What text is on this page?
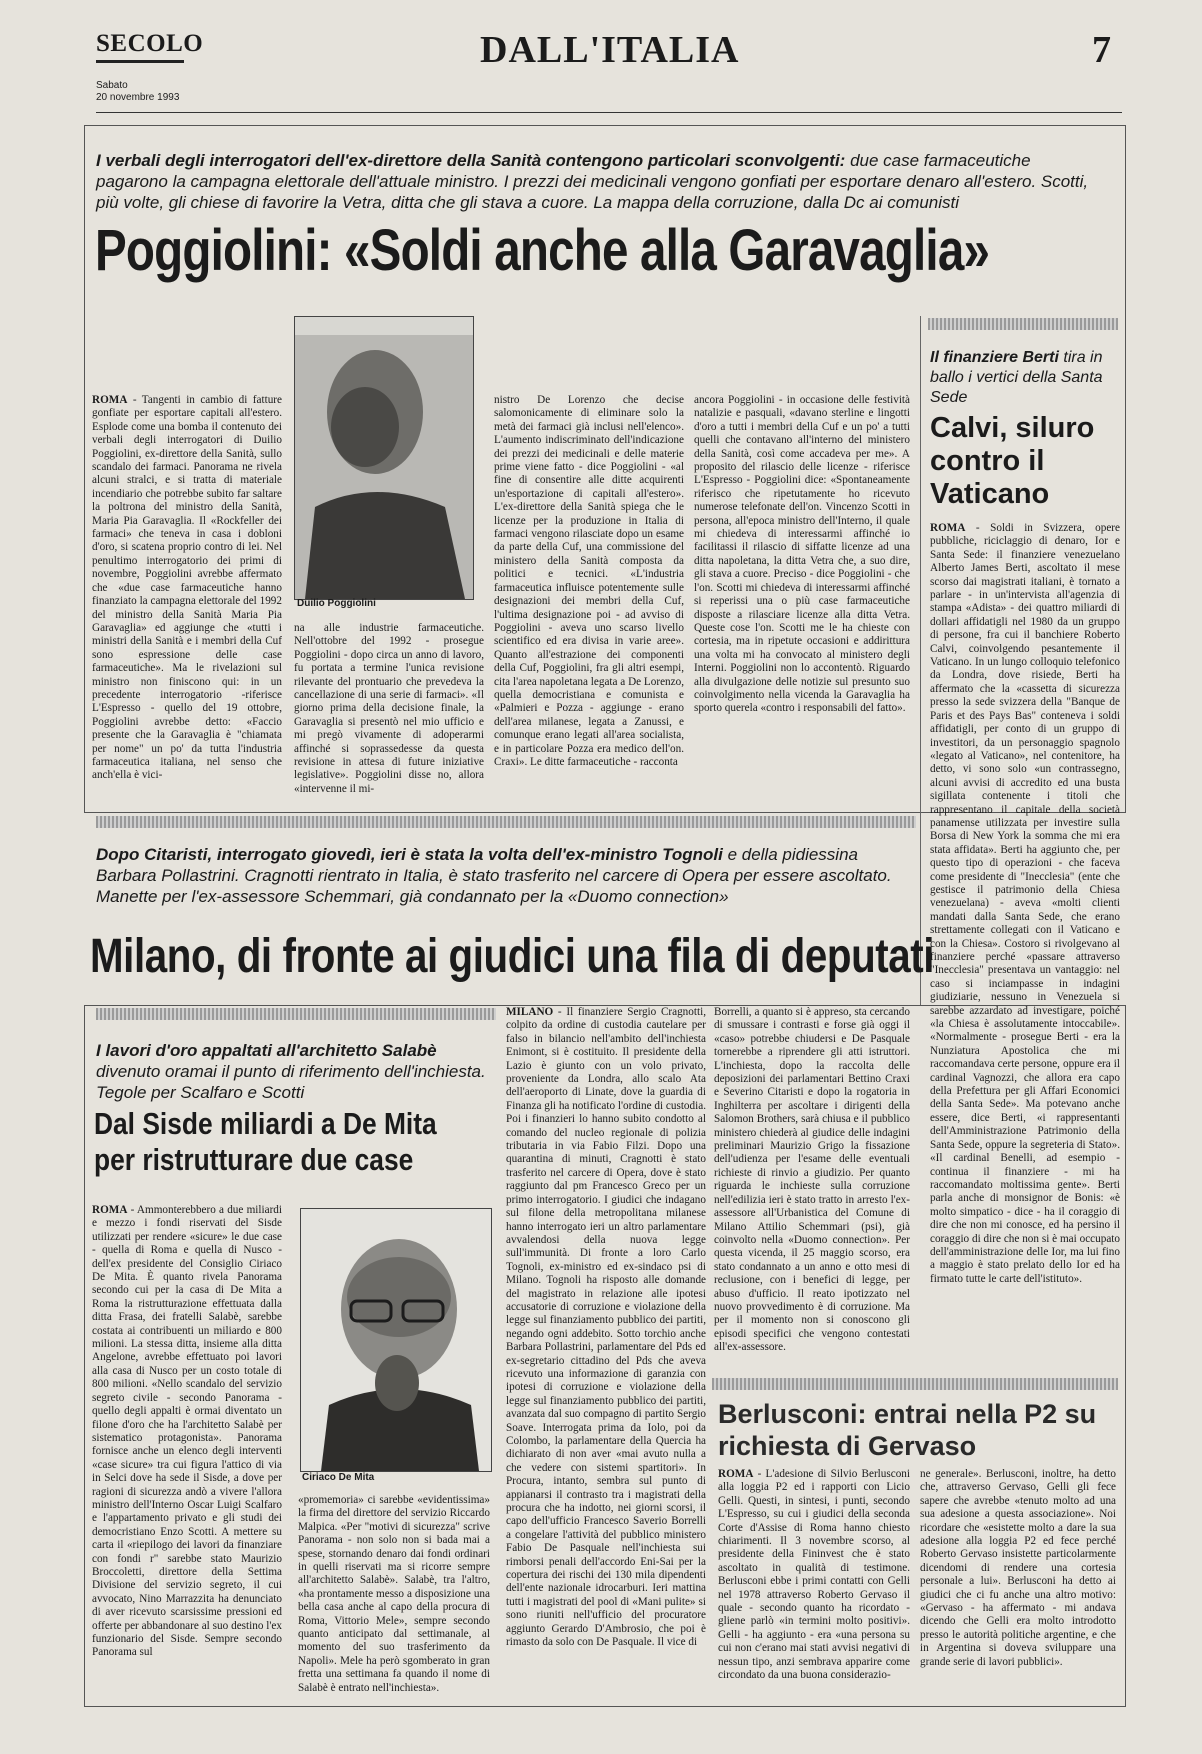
SECOLO
Sabato
20 novembre 1993
DALL'ITALIA	7
I verbali degli interrogatori dell'ex-direttore della Sanità contengono particolari sconvolgenti: due case farmaceutiche pagarono la campagna elettorale dell'attuale ministro. I prezzi dei medicinali vengono gonfiati per esportare denaro all'estero. Scotti, più volte, gli chiese di favorire la Vetra, ditta che gli stava a cuore. La mappa della corruzione, dalla Dc ai comunisti
Poggiolini: «Soldi anche alla Garavaglia»
Duilio Poggiolini
ROMA - Tangenti in cambio di fatture gonfiate per esportare capitali all'estero. Esplode come una bomba il contenuto dei verbali degli interrogatori di Duilio Poggiolini, ex-direttore della Sanità, sullo scandalo dei farmaci. Panorama ne rivela alcuni stralci, e si tratta di materiale incendiario che potrebbe subito far saltare la poltrona del ministro della Sanità, Maria Pia Garavaglia. Il «Rockfeller dei farmaci» che teneva in casa i dobloni d'oro, si scatena proprio contro di lei. Nel penultimo interrogatorio dei primi di novembre, Poggiolini avrebbe affermato che «due case farmaceutiche hanno finanziato la campagna elettorale del 1992 del ministro della Sanità Maria Pia Garavaglia» ed aggiunge che «tutti i ministri della Sanità e i membri della Cuf sono espressione delle case farmaceutiche». Ma le rivelazioni sul ministro non finiscono qui: in un precedente interrogatorio -riferisce L'Espresso - quello del 19 ottobre, Poggiolini avrebbe detto: «Faccio presente che la Garavaglia è "chiamata per nome" un po' da tutta l'industria farmaceutica italiana, nel senso che anch'ella è vici-
na alle industrie farmaceutiche. Nell'ottobre del 1992 - prosegue Poggiolini - dopo circa un anno di lavoro, fu portata a termine l'unica revisione rilevante del prontuario che prevedeva la cancellazione di una serie di farmaci». «Il giorno prima della decisione finale, la Garavaglia si presentò nel mio ufficio e mi pregò vivamente di adoperarmi affinché si soprassedesse da questa revisione in attesa di future iniziative legislative». Poggiolini disse no, allora «intervenne il mi-
nistro De Lorenzo che decise salomonicamente di eliminare solo la metà dei farmaci già inclusi nell'elenco». L'aumento indiscriminato dell'indicazione dei prezzi dei medicinali e delle materie prime viene fatto - dice Poggiolini - «al fine di consentire alle ditte acquirenti un'esportazione di capitali all'estero». L'ex-direttore della Sanità spiega che le licenze per la produzione in Italia di farmaci vengono rilasciate dopo un esame da parte della Cuf, una commissione del ministero della Sanità composta da politici e tecnici. «L'industria farmaceutica influisce potentemente sulle designazioni dei membri della Cuf, l'ultima designazione poi - ad avviso di Poggiolini - aveva uno scarso livello scientifico ed era divisa in varie aree». Quanto all'estrazione dei componenti della Cuf, Poggiolini, fra gli altri esempi, cita l'area napoletana legata a De Lorenzo, quella democristiana e comunista e «Palmieri e Pozza - aggiunge - erano dell'area milanese, legata a Zanussi, e comunque erano legati all'area socialista, e in particolare Pozza era medico dell'on. Craxi». Le ditte farmaceutiche - racconta
ancora Poggiolini - in occasione delle festività natalizie e pasquali, «davano sterline e lingotti d'oro a tutti i membri della Cuf e un po' a tutti quelli che contavano all'interno del ministero della Sanità, così come accadeva per me». A proposito del rilascio delle licenze - riferisce L'Espresso - Poggiolini dice: «Spontaneamente riferisco che ripetutamente ho ricevuto numerose telefonate dell'on. Vincenzo Scotti in persona, all'epoca ministro dell'Interno, il quale mi chiedeva di interessarmi affinché io facilitassi il rilascio di siffatte licenze ad una ditta napoletana, la ditta Vetra che, a suo dire, gli stava a cuore. Preciso - dice Poggiolini - che l'on. Scotti mi chiedeva di interessarmi affinché si reperissi una o più case farmaceutiche disposte a rilasciare licenze alla ditta Vetra. Queste cose l'on. Scotti me le ha chieste con cortesia, ma in ripetute occasioni e addirittura una volta mi ha convocato al ministero degli Interni. Poggiolini non lo accontentò. Riguardo alla divulgazione delle notizie sul presunto suo coinvolgimento nella vicenda la Garavaglia ha sporto querela «contro i responsabili del fatto».
Il finanziere Berti tira in ballo i vertici della Santa Sede
Calvi, siluro contro il Vaticano
ROMA - Soldi in Svizzera, opere pubbliche, riciclaggio di denaro, Ior e Santa Sede: il finanziere venezuelano Alberto James Berti, ascoltato il mese scorso dai magistrati italiani, è tornato a parlare - in un'intervista all'agenzia di stampa «Adista» - dei quattro miliardi di dollari affidatigli nel 1980 da un gruppo di persone, fra cui il banchiere Roberto Calvi, coinvolgendo pesantemente il Vaticano. In un lungo colloquio telefonico da Londra, dove risiede, Berti ha affermato che la «cassetta di sicurezza presso la sede svizzera della "Banque de Paris et des Pays Bas" conteneva i soldi affidatigli, per conto di un gruppo di investitori, da un personaggio spagnolo «legato al Vaticano», nel contenitore, ha detto, vi sono solo «un contrassegno, alcuni avvisi di accredito ed una busta sigillata contenente i titoli che rappresentano il capitale della società panamense utilizzata per investire sulla Borsa di New York la somma che mi era stata affidata». Berti ha aggiunto che, per questo tipo di operazioni - che faceva come presidente di "Inecclesia" (ente che gestisce il patrimonio della Chiesa venezuelana) - aveva «molti clienti mandati dalla Santa Sede, che erano strettamente collegati con il Vaticano e con la Chiesa». Costoro si rivolgevano al finanziere perché «passare attraverso "Inecclesia" presentava un vantaggio: nel caso si inciampasse in indagini giudiziarie, nessuno in Venezuela si sarebbe azzardato ad investigare, poiché «la Chiesa è assolutamente intoccabile». «Normalmente - prosegue Berti - era la Nunziatura Apostolica che mi raccomandava certe persone, oppure era il cardinal Vagnozzi, che allora era capo della Prefettura per gli Affari Economici della Santa Sede». Ma potevano anche essere, dice Berti, «i rappresentanti dell'Amministrazione Patrimonio della Santa Sede, oppure la segreteria di Stato». «Il cardinal Benelli, ad esempio - continua il finanziere - mi ha raccomandato moltissima gente». Berti parla anche di monsignor de Bonis: «è molto simpatico - dice - ha il coraggio di dire che non mi conosce, ed ha persino il coraggio di dire che non si è mai occupato dell'amministrazione delle Ior, ma lui fino a maggio è stato prelato dello Ior ed ha firmato tutte le carte dell'istituto».
Dopo Citaristi, interrogato giovedì, ieri è stata la volta dell'ex-ministro Tognoli e della pidiessina Barbara Pollastrini. Cragnotti rientrato in Italia, è stato trasferito nel carcere di Opera per essere ascoltato. Manette per l'ex-assessore Schemmari, già condannato per la «Duomo connection»
Milano, di fronte ai giudici una fila di deputati
I lavori d'oro appaltati all'architetto Salabè divenuto oramai il punto di riferimento dell'inchiesta. Tegole per Scalfaro e Scotti
Dal Sisde miliardi a De Mita
per ristrutturare due case
ROMA - Ammonterebbero a due miliardi e mezzo i fondi riservati del Sisde utilizzati per rendere «sicure» le due case - quella di Roma e quella di Nusco - dell'ex presidente del Consiglio Ciriaco De Mita. È quanto rivela Panorama secondo cui per la casa di De Mita a Roma la ristrutturazione effettuata dalla ditta Frasa, dei fratelli Salabè, sarebbe costata ai contribuenti un miliardo e 800 milioni. La stessa ditta, insieme alla ditta Angelone, avrebbe effettuato poi lavori alla casa di Nusco per un costo totale di 800 milioni. «Nello scandalo del servizio segreto civile - secondo Panorama - quello degli appalti è ormai diventato un filone d'oro che ha l'architetto Salabè per sistematico protagonista». Panorama fornisce anche un elenco degli interventi «case sicure» tra cui figura l'attico di via in Selci dove ha sede il Sisde, a dove per ragioni di sicurezza andò a vivere l'allora ministro dell'Interno Oscar Luigi Scalfaro e l'appartamento privato e gli studi dei democristiano Enzo Scotti. A mettere su carta il «riepilogo dei lavori da finanziare con fondi r" sarebbe stato Maurizio Broccoletti, direttore della Settima Divisione del servizio segreto, il cui avvocato, Nino Marrazzita ha denunciato di aver ricevuto scarsissime pressioni ed offerte per abbandonare al suo destino l'ex funzionario del Sisde. Sempre secondo Panorama sul
Ciriaco De Mita
«promemoria» ci sarebbe «evidentissima» la firma del direttore del servizio Riccardo Malpica. «Per "motivi di sicurezza" scrive Panorama - non solo non si bada mai a spese, stornando denaro dai fondi ordinari in quelli riservati ma si ricorre sempre all'architetto Salabè». Salabè, tra l'altro, «ha prontamente messo a disposizione una bella casa anche al capo della procura di Roma, Vittorio Mele», sempre secondo quanto anticipato dal settimanale, al momento del suo trasferimento da Napoli». Mele ha però sgomberato in gran fretta una settimana fa quando il nome di Salabè è entrato nell'inchiesta».
MILANO - Il finanziere Sergio Cragnotti, colpito da ordine di custodia cautelare per falso in bilancio nell'ambito dell'inchiesta Enimont, si è costituito. Il presidente della Lazio è giunto con un volo privato, proveniente da Londra, allo scalo Ata dell'aeroporto di Linate, dove la guardia di Finanza gli ha notificato l'ordine di custodia. Poi i finanzieri lo hanno subito condotto al comando del nucleo regionale di polizia tributaria in via Fabio Filzi. Dopo una quarantina di minuti, Cragnotti è stato trasferito nel carcere di Opera, dove è stato raggiunto dal pm Francesco Greco per un primo interrogatorio. I giudici che indagano sul filone della metropolitana milanese hanno interrogato ieri un altro parlamentare avvalendosi della nuova legge sull'immunità. Di fronte a loro Carlo Tognoli, ex-ministro ed ex-sindaco psi di Milano. Tognoli ha risposto alle domande del magistrato in relazione alle ipotesi accusatorie di corruzione e violazione della legge sul finanziamento pubblico dei partiti, negando ogni addebito. Sotto torchio anche Barbara Pollastrini, parlamentare del Pds ed ex-segretario cittadino del Pds che aveva ricevuto una informazione di garanzia con ipotesi di corruzione e violazione della legge sul finanziamento pubblico dei partiti, avanzata dal suo compagno di partito Sergio Soave. Interrogata prima da Iolo, poi da Colombo, la parlamentare della Quercia ha dichiarato di non aver «mai avuto nulla a che vedere con sistemi spartitori». In Procura, intanto, sembra sul punto di appianarsi il contrasto tra i magistrati della procura che ha indotto, nei giorni scorsi, il capo dell'ufficio Francesco Saverio Borrelli a congelare l'attività del pubblico ministero Fabio De Pasquale nell'inchiesta sui rimborsi penali dell'accordo Eni-Sai per la copertura dei rischi dei 130 mila dipendenti dell'ente nazionale idrocarburi. Ieri mattina tutti i magistrati del pool di «Mani pulite» si sono riuniti nell'ufficio del procuratore aggiunto Gerardo D'Ambrosio, che poi è rimasto da solo con De Pasquale. Il vice di
Borrelli, a quanto si è appreso, sta cercando di smussare i contrasti e forse già oggi il «caso» potrebbe chiudersi e De Pasquale tornerebbe a riprendere gli atti istruttori. L'inchiesta, dopo la raccolta delle deposizioni dei parlamentari Bettino Craxi e Severino Citaristi e dopo la rogatoria in Inghilterra per ascoltare i dirigenti della Salomon Brothers, sarà chiusa e il pubblico ministero chiederà al giudice delle indagini preliminari Maurizio Grigo la fissazione dell'udienza per l'esame delle eventuali richieste di rinvio a giudizio. Per quanto riguarda le inchieste sulla corruzione nell'edilizia ieri è stato tratto in arresto l'ex-assessore all'Urbanistica del Comune di Milano Attilio Schemmari (psi), già coinvolto nella «Duomo connection». Per questa vicenda, il 25 maggio scorso, era stato condannato a un anno e otto mesi di reclusione, con i benefici di legge, per abuso d'ufficio. Il reato ipotizzato nel nuovo provvedimento è di corruzione. Ma per il momento non si conoscono gli episodi specifici che vengono contestati all'ex-assessore.
Berlusconi: entrai nella P2 su richiesta di Gervaso
ROMA - L'adesione di Silvio Berlusconi alla loggia P2 ed i rapporti con Licio Gelli. Questi, in sintesi, i punti, secondo L'Espresso, su cui i giudici della seconda Corte d'Assise di Roma hanno chiesto chiarimenti. Il 3 novembre scorso, al presidente della Fininvest che è stato ascoltato in qualità di testimone. Berlusconi ebbe i primi contatti con Gelli nel 1978 attraverso Roberto Gervaso il quale - secondo quanto ha ricordato - gliene parlò «in termini molto positivi». Gelli - ha aggiunto - era «una persona su cui non c'erano mai stati avvisi negativi di nessun tipo, anzi sembrava apparire come circondato da una buona considerazio-
ne generale». Berlusconi, inoltre, ha detto che, attraverso Gervaso, Gelli gli fece sapere che avrebbe «tenuto molto ad una sua adesione a questa associazione». Noi ricordare che «esistette molto a dare la sua adesione alla loggia P2 ed fece perché Roberto Gervaso insistette particolarmente dicendomi di rendere una cortesia personale a lui». Berlusconi ha detto ai giudici che ci fu anche una altro motivo: «Gervaso - ha affermato - mi andava dicendo che Gelli era molto introdotto presso le autorità politiche argentine, e che in Argentina si doveva sviluppare una grande serie di lavori pubblici».
